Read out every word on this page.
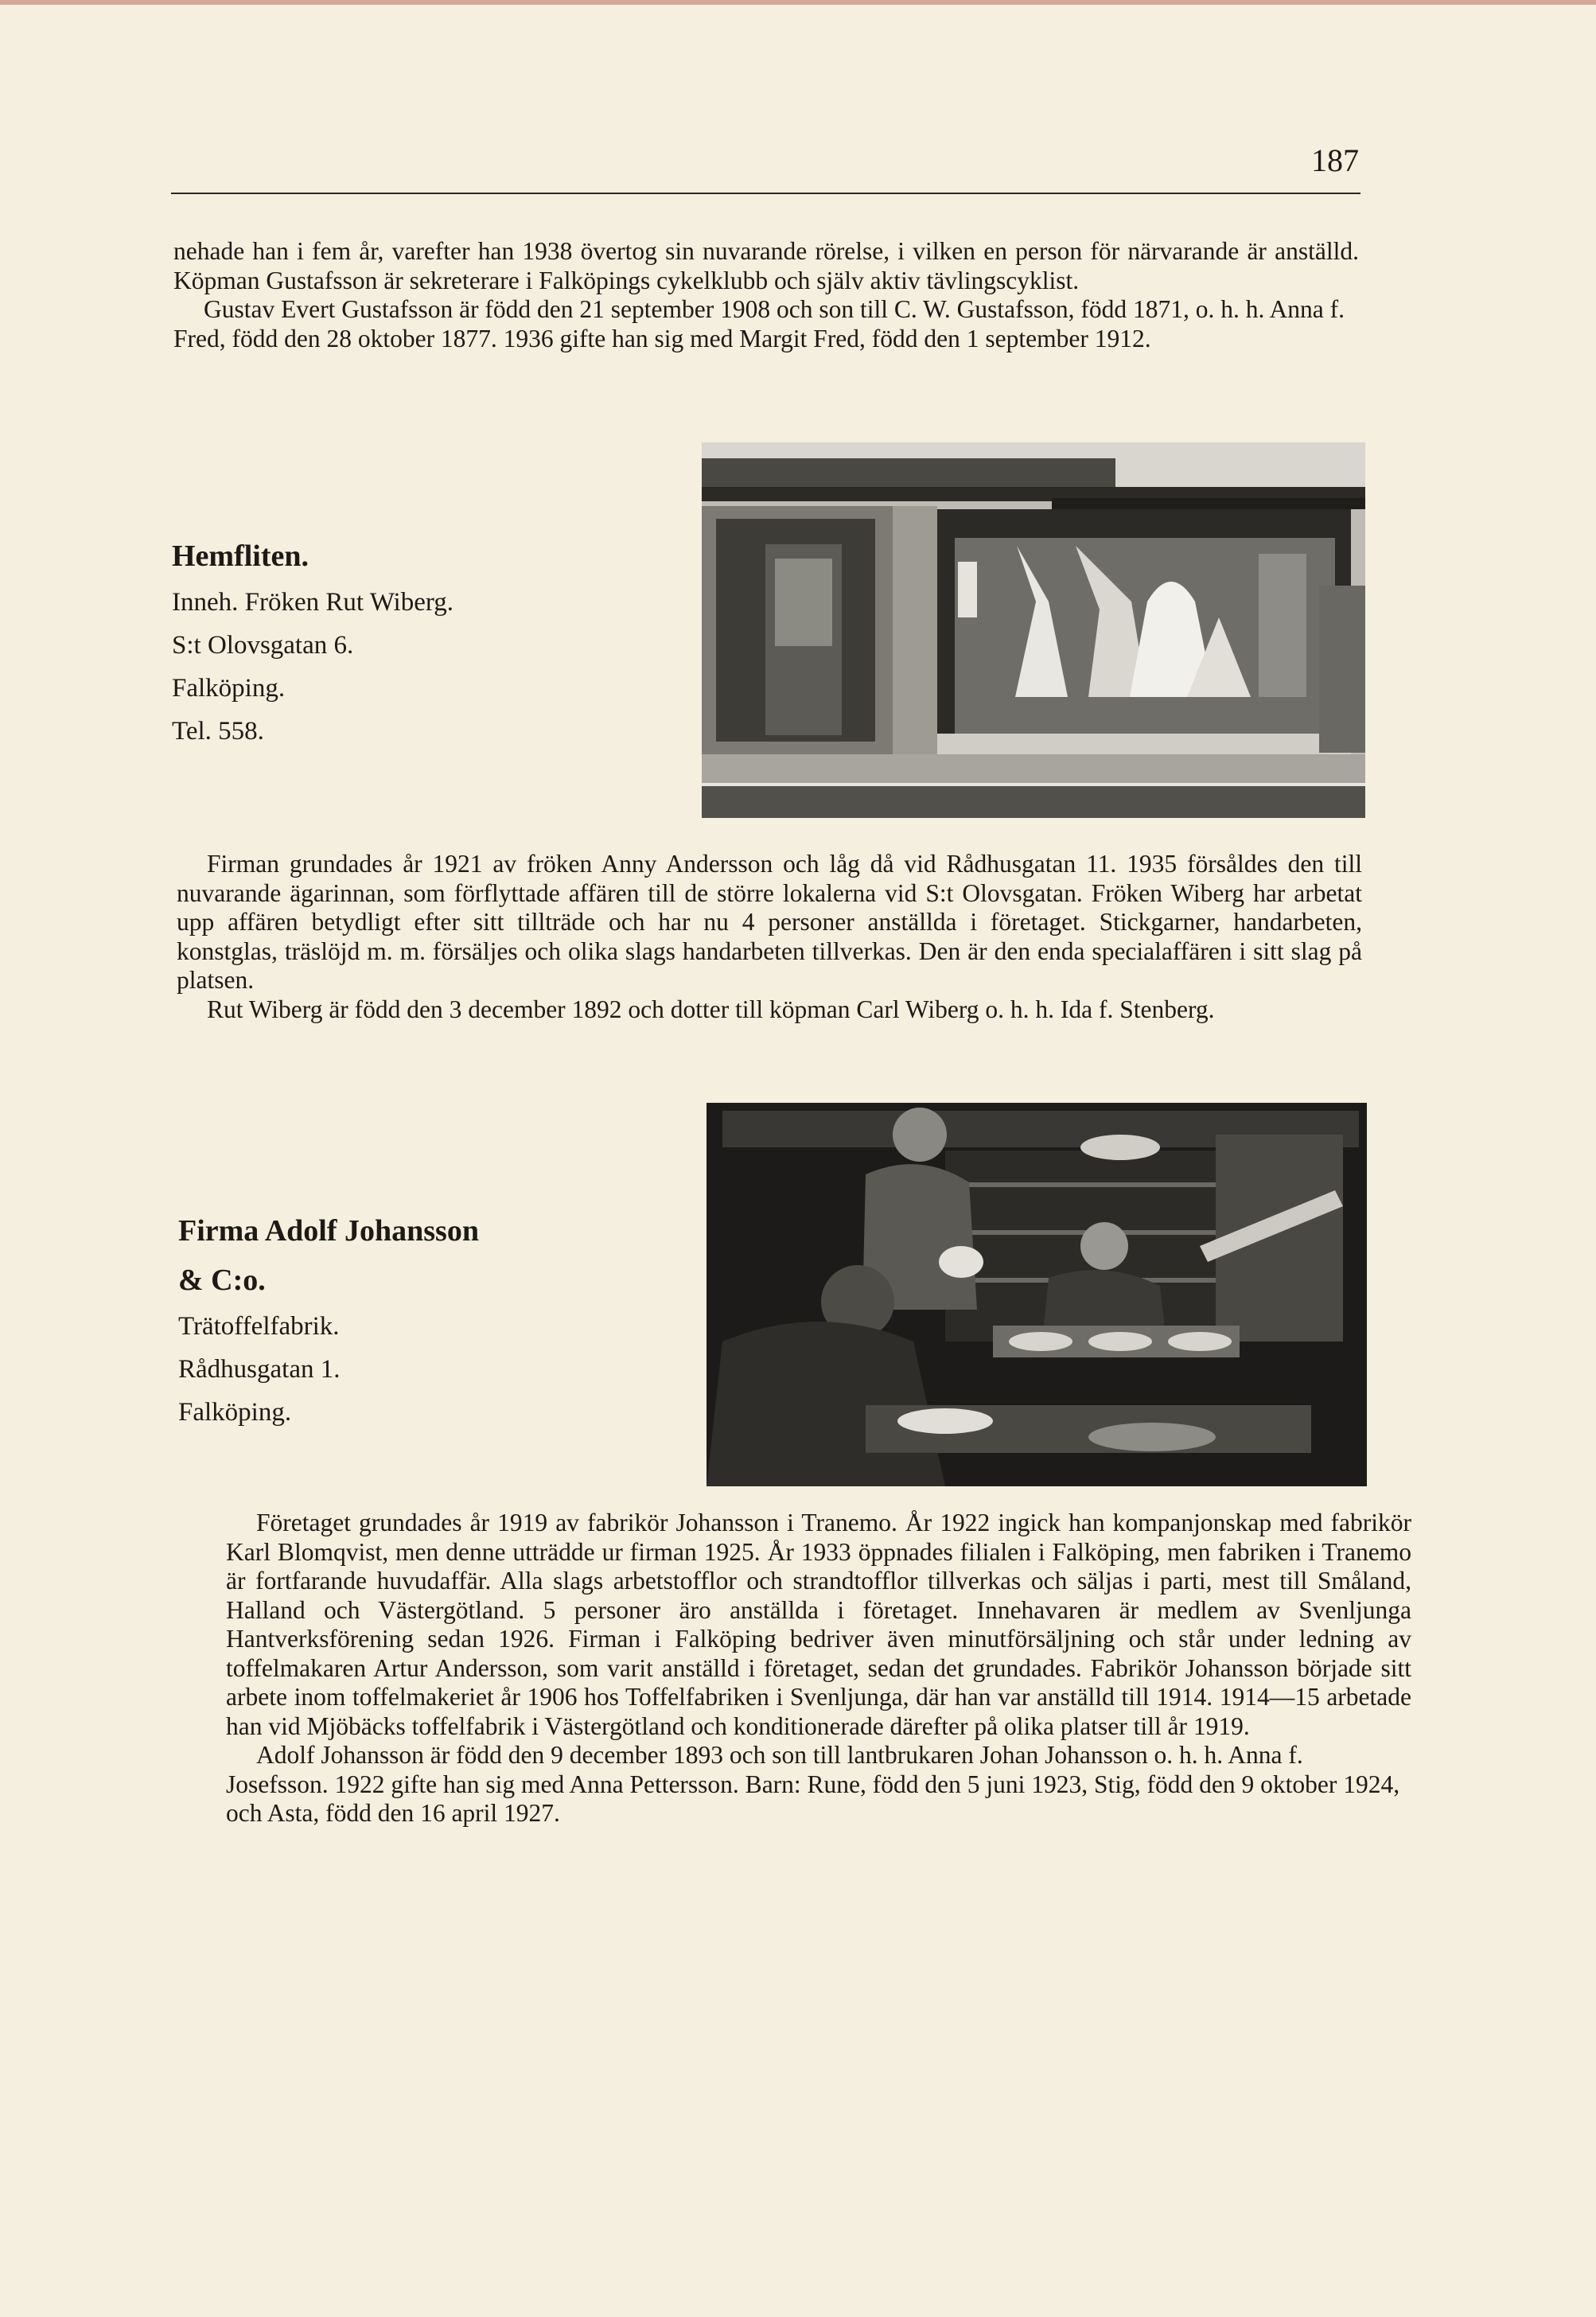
187

nehade han i fem år, varefter han 1938 övertog sin nuvarande rörelse, i vilken en person för närvarande är anställd. Köpman Gustafsson är sekreterare i Falköpings cykelklubb och själv aktiv tävlingscyklist.

Gustav Evert Gustafsson är född den 21 september 1908 och son till C. W. Gustafsson, född 1871, o. h. h. Anna f. Fred, född den 28 oktober 1877. 1936 gifte han sig med Margit Fred, född den 1 september 1912.

Hemfliten.
Inneh. Fröken Rut Wiberg.
S:t Olovsgatan 6.
Falköping.
Tel. 558.

Firman grundades år 1921 av fröken Anny Andersson och låg då vid Rådhusgatan 11. 1935 försåldes den till nuvarande ägarinnan, som förflyttade affären till de större lokalerna vid S:t Olovsgatan. Fröken Wiberg har arbetat upp affären betydligt efter sitt tillträde och har nu 4 personer anställda i företaget. Stickgarner, handarbeten, konstglas, träslöjd m. m. försäljes och olika slags handarbeten tillverkas. Den är den enda specialaffären i sitt slag på platsen.

Rut Wiberg är född den 3 december 1892 och dotter till köpman Carl Wiberg o. h. h. Ida f. Stenberg.

Firma Adolf Johansson
& C:o.
Trätoffelfabrik.
Rådhusgatan 1.
Falköping.

Företaget grundades år 1919 av fabrikör Johansson i Tranemo. År 1922 ingick han kompanjonskap med fabrikör Karl Blomqvist, men denne utträdde ur firman 1925. År 1933 öppnades filialen i Falköping, men fabriken i Tranemo är fortfarande huvudaffär. Alla slags arbetstofflor och strandtofflor tillverkas och säljas i parti, mest till Småland, Halland och Västergötland. 5 personer äro anställda i företaget. Innehavaren är medlem av Svenljunga Hantverksförening sedan 1926. Firman i Falköping bedriver även minutförsäljning och står under ledning av toffelmakaren Artur Andersson, som varit anställd i företaget, sedan det grundades. Fabrikör Johansson började sitt arbete inom toffelmakeriet år 1906 hos Toffelfabriken i Svenljunga, där han var anställd till 1914. 1914—15 arbetade han vid Mjöbäcks toffelfabrik i Västergötland och konditionerade därefter på olika platser till år 1919.

Adolf Johansson är född den 9 december 1893 och son till lantbrukaren Johan Johansson o. h. h. Anna f. Josefsson. 1922 gifte han sig med Anna Pettersson. Barn: Rune, född den 5 juni 1923, Stig, född den 9 oktober 1924, och Asta, född den 16 april 1927.
